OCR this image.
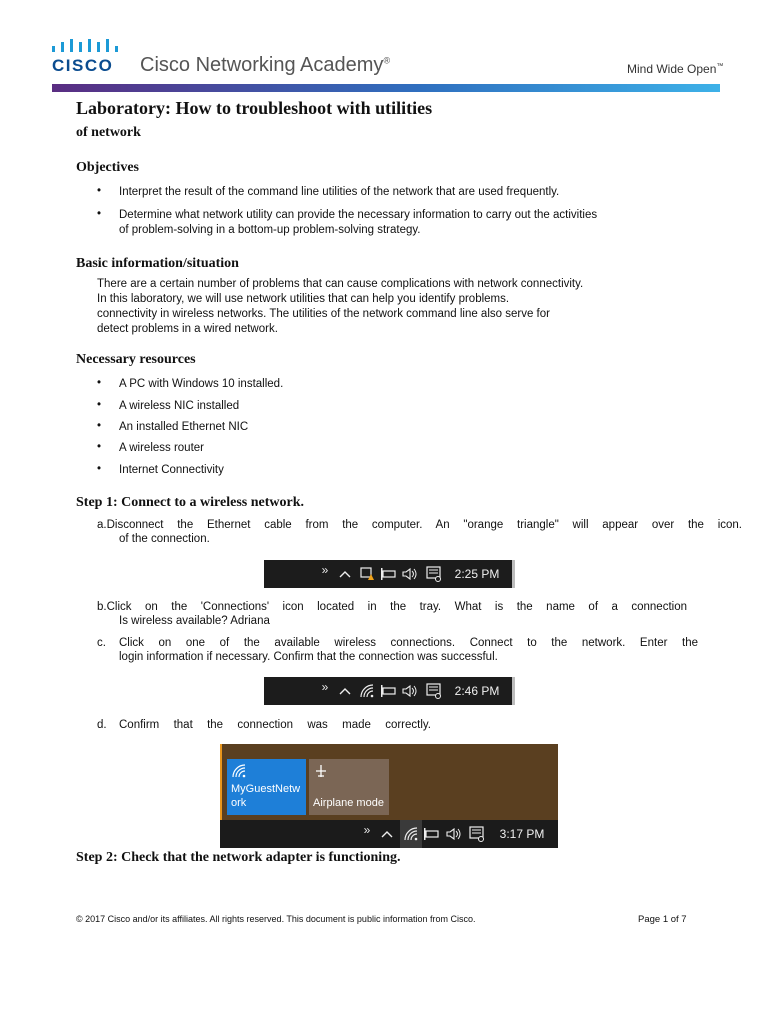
CISCO Cisco Networking Academy®
Mind Wide Open™
Laboratory: How to troubleshoot with utilities
of network
Objectives
• Interpret the result of the command line utilities of the network that are used frequently.
• Determine what network utility can provide the necessary information to carry out the activities
of problem-solving in a bottom-up problem-solving strategy.
Basic information/situation
There are a certain number of problems that can cause complications with network connectivity.
In this laboratory, we will use network utilities that can help you identify problems.
connectivity in wireless networks. The utilities of the network command line also serve for
detect problems in a wired network.
Necessary resources
• A PC with Windows 10 installed.
• A wireless NIC installed
• An installed Ethernet NIC
• A wireless router
• Internet Connectivity
Step 1: Connect to a wireless network.
a.Disconnect the Ethernet cable from the computer. An "orange triangle" will appear over the icon.
of the connection.
»	2:25 PM
b.Click on the 'Connections' icon located in the tray. What is the name of a connection
Is wireless available? Adriana
c. Click on one of the available wireless connections. Connect to the network. Enter the
login information if necessary. Confirm that the connection was successful.
»	2:46 PM
d. Confirm that the connection was made correctly.
MyGuestNetw
ork	Airplane mode
»	3:17 PM
Step 2: Check that the network adapter is functioning.
© 2017 Cisco and/or its affiliates. All rights reserved. This document is public information from Cisco.	Page 1 of 7
